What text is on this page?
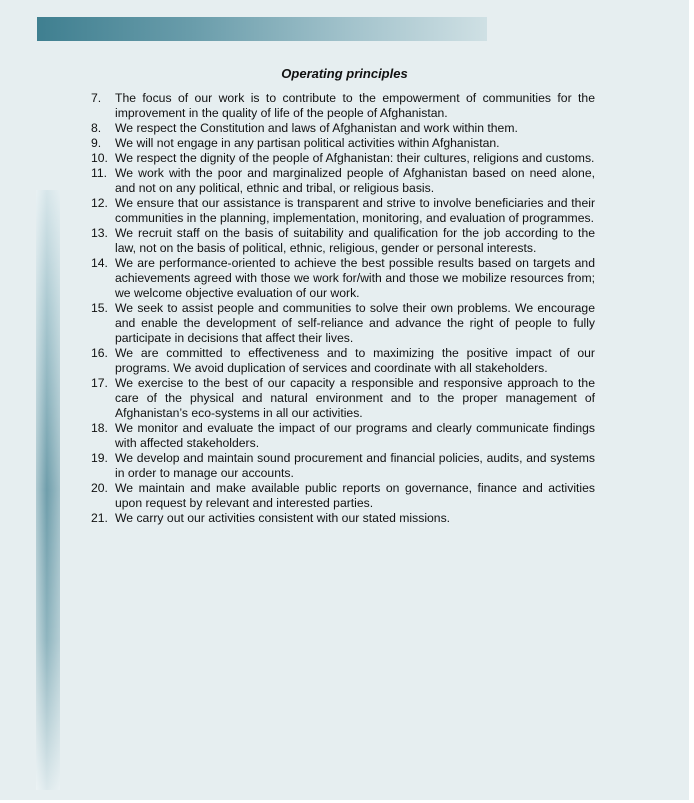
Operating principles
7.	The focus of our work is to contribute to the empowerment of communities for the improvement in the quality of life of the people of Afghanistan.
8.	We respect the Constitution and laws of Afghanistan and work within them.
9.	We will not engage in any partisan political activities within Afghanistan.
10. We respect the dignity of the people of Afghanistan: their cultures, religions and customs.
11. We work with the poor and marginalized people of Afghanistan based on need alone, and not on any political, ethnic and tribal, or religious basis.
12. We ensure that our assistance is transparent and strive to involve beneficiaries and their communities in the planning, implementation, monitoring, and evaluation of programmes.
13. We recruit staff on the basis of suitability and qualification for the job according to the law, not on the basis of political, ethnic, religious, gender or personal interests.
14. We are performance-oriented to achieve the best possible results based on targets and achievements agreed with those we work for/with and those we mobilize resources from; we welcome objective evaluation of our work.
15. We seek to assist people and communities to solve their own problems. We encourage and enable the development of self-reliance and advance the right of people to fully participate in decisions that affect their lives.
16. We are committed to effectiveness and to maximizing the positive impact of our programs. We avoid duplication of services and coordinate with all stakeholders.
17. We exercise to the best of our capacity a responsible and responsive approach to the care of the physical and natural environment and to the proper management of Afghanistan’s eco-systems in all our activities.
18. We monitor and evaluate the impact of our programs and clearly communicate findings with affected stakeholders.
19. We develop and maintain sound procurement and financial policies, audits, and systems in order to manage our accounts.
20. We maintain and make available public reports on governance, finance and activities upon request by relevant and interested parties.
21. We carry out our activities consistent with our stated missions.
